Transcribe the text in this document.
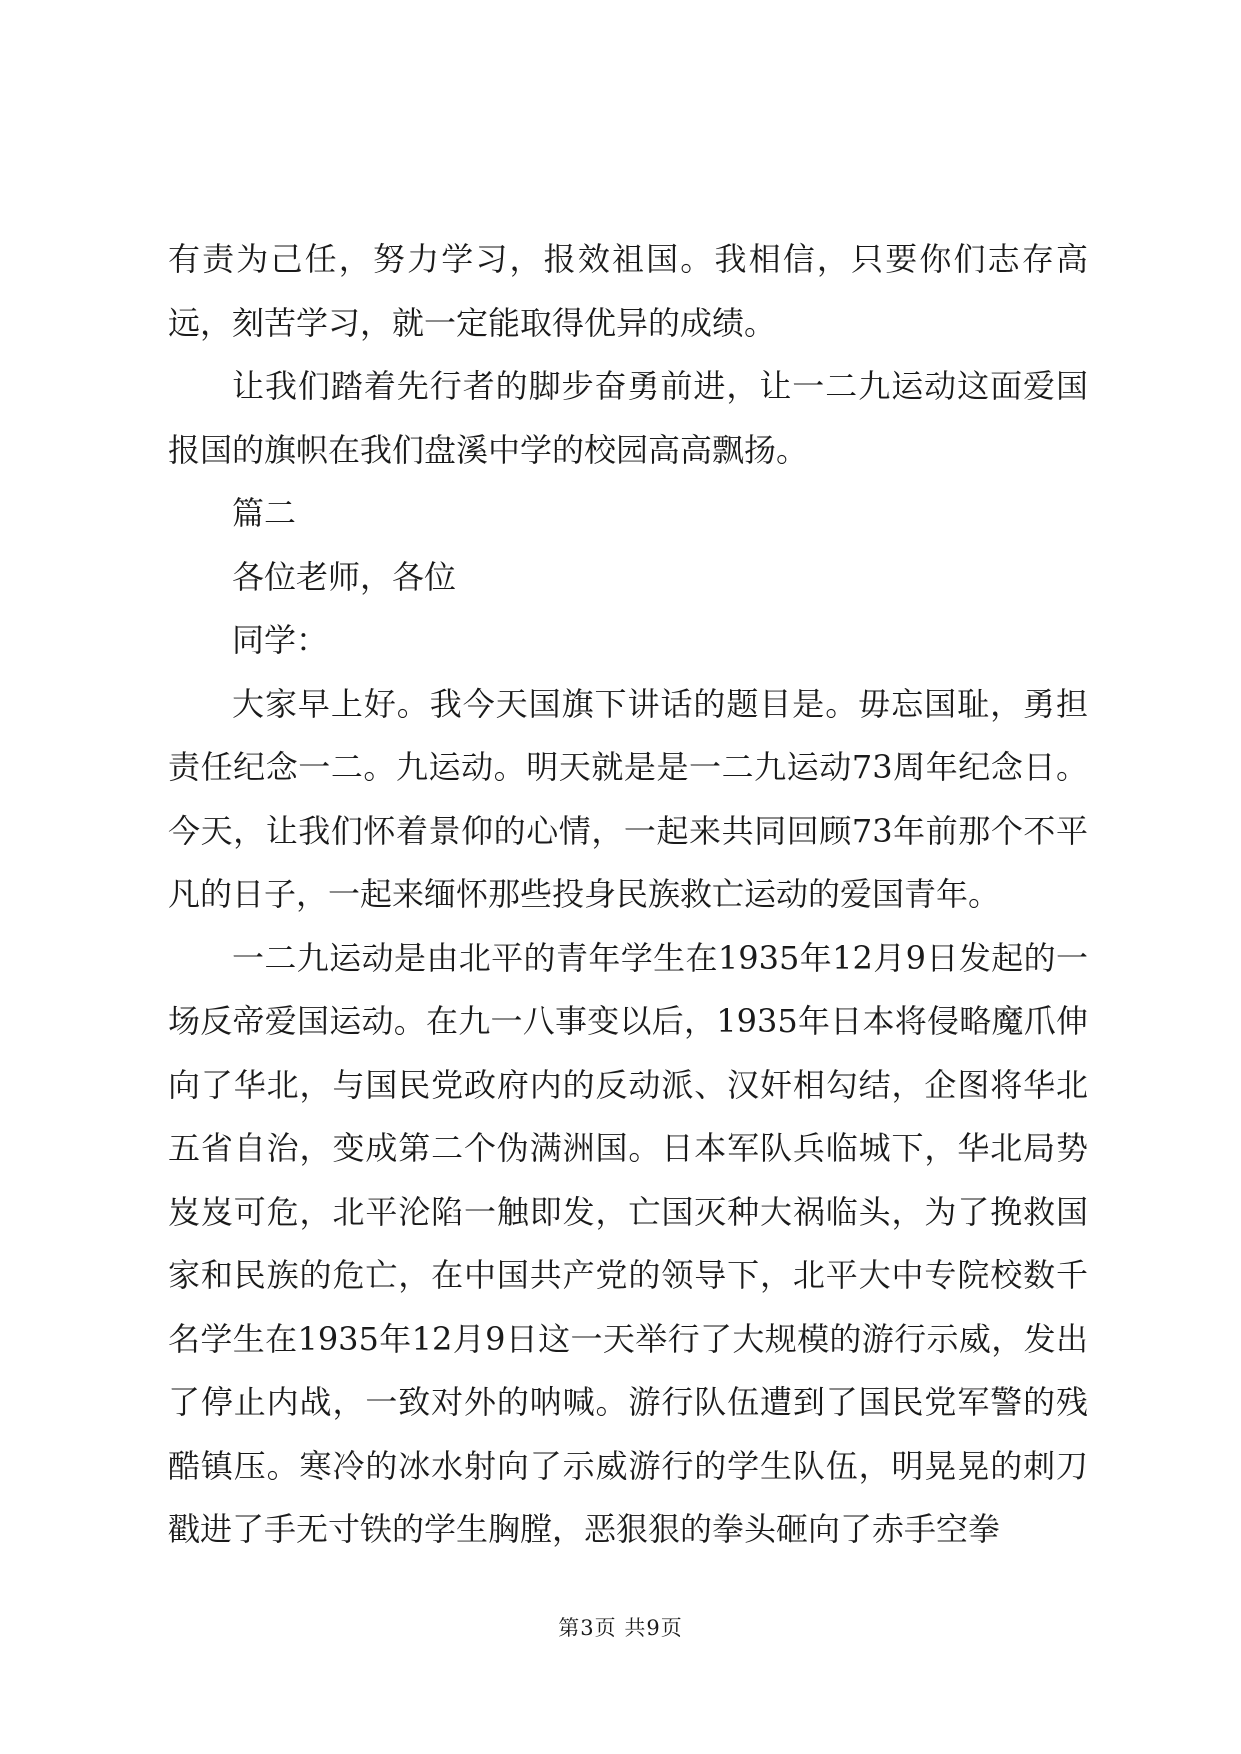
有责为己任，努力学习，报效祖国。我相信，只要你们志存高远，刻苦学习，就一定能取得优异的成绩。

让我们踏着先行者的脚步奋勇前进，让一二九运动这面爱国报国的旗帜在我们盘溪中学的校园高高飘扬。

篇二

各位老师，各位

同学：

大家早上好。我今天国旗下讲话的题目是。毋忘国耻，勇担责任纪念一二。九运动。明天就是是一二九运动73周年纪念日。今天，让我们怀着景仰的心情，一起来共同回顾73年前那个不平凡的日子，一起来缅怀那些投身民族救亡运动的爱国青年。

一二九运动是由北平的青年学生在1935年12月9日发起的一场反帝爱国运动。在九一八事变以后，1935年日本将侵略魔爪伸向了华北，与国民党政府内的反动派、汉奸相勾结，企图将华北五省自治，变成第二个伪满洲国。日本军队兵临城下，华北局势岌岌可危，北平沦陷一触即发，亡国灭种大祸临头，为了挽救国家和民族的危亡，在中国共产党的领导下，北平大中专院校数千名学生在1935年12月9日这一天举行了大规模的游行示威，发出了停止内战，一致对外的呐喊。游行队伍遭到了国民党军警的残酷镇压。寒冷的冰水射向了示威游行的学生队伍，明晃晃的刺刀戳进了手无寸铁的学生胸膛，恶狠狠的拳头砸向了赤手空拳

第3页 共9页
